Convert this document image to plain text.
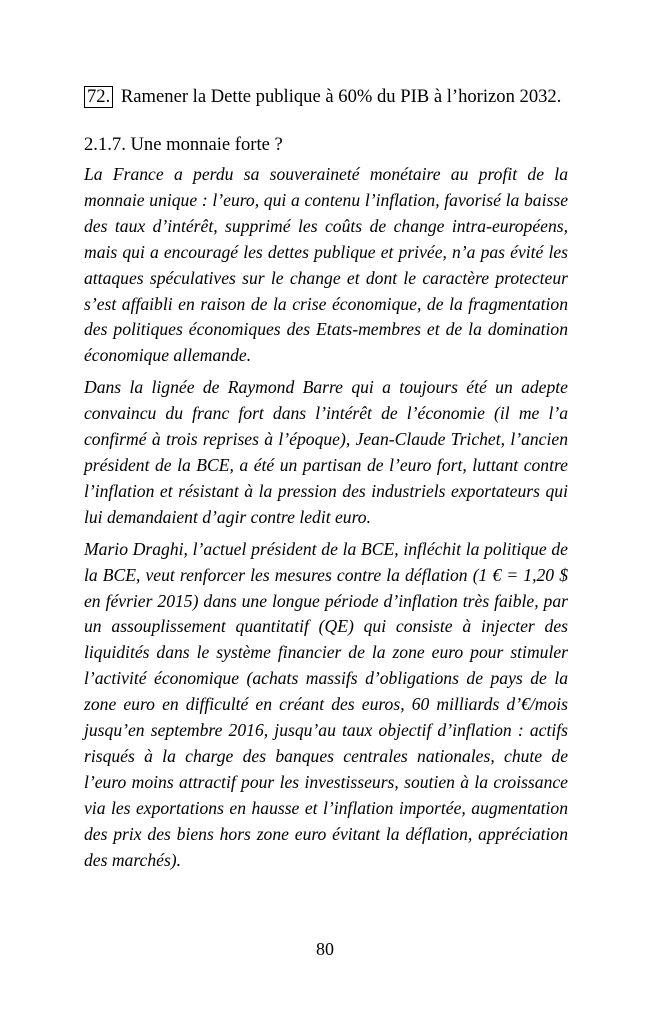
72. Ramener la Dette publique à 60% du PIB à l’horizon 2032.

2.1.7. Une monnaie forte ?

La France a perdu sa souveraineté monétaire au profit de la monnaie unique : l’euro, qui a contenu l’inflation, favorisé la baisse des taux d’intérêt, supprimé les coûts de change intra-européens, mais qui a encouragé les dettes publique et privée, n’a pas évité les attaques spéculatives sur le change et dont le caractère protecteur s’est affaibli en raison de la crise économique, de la fragmentation des politiques économiques des Etats-membres et de la domination économique allemande.

Dans la lignée de Raymond Barre qui a toujours été un adepte convaincu du franc fort dans l’intérêt de l’économie (il me l’a confirmé à trois reprises à l’époque), Jean-Claude Trichet, l’ancien président de la BCE, a été un partisan de l’euro fort, luttant contre l’inflation et résistant à la pression des industriels exportateurs qui lui demandaient d’agir contre ledit euro.

Mario Draghi, l’actuel président de la BCE, infléchit la politique de la BCE, veut renforcer les mesures contre la déflation (1 € = 1,20 $ en février 2015) dans une longue période d’inflation très faible, par un assouplissement quantitatif (QE) qui consiste à injecter des liquidités dans le système financier de la zone euro pour stimuler l’activité économique (achats massifs d’obligations de pays de la zone euro en difficulté en créant des euros, 60 milliards d’€/mois jusqu’en septembre 2016, jusqu’au taux objectif d’inflation : actifs risqués à la charge des banques centrales nationales, chute de l’euro moins attractif pour les investisseurs, soutien à la croissance via les exportations en hausse et l’inflation importée, augmentation des prix des biens hors zone euro évitant la déflation, appréciation des marchés).

80
